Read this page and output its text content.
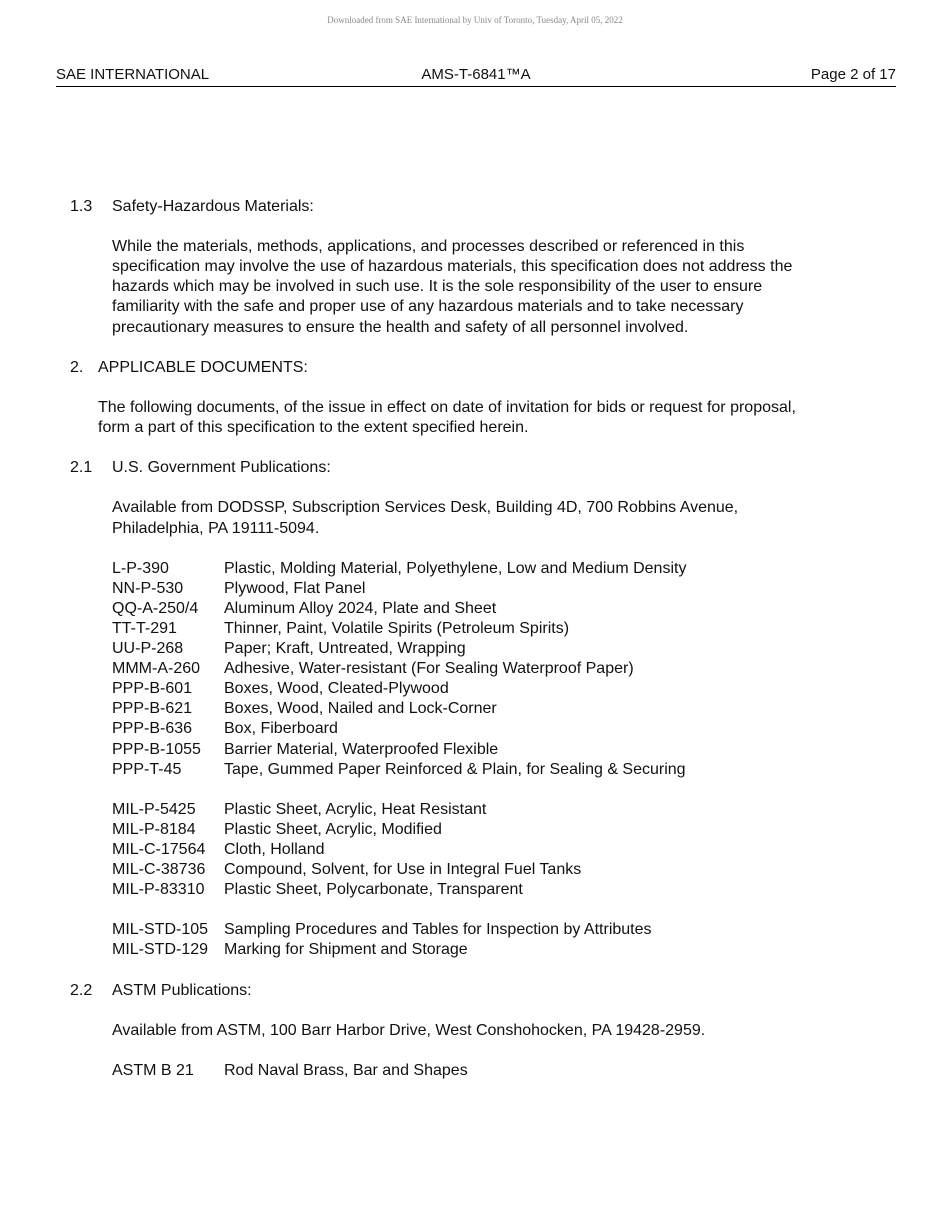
Downloaded from SAE International by Univ of Toronto, Tuesday, April 05, 2022
SAE INTERNATIONAL	AMS-T-6841™A	Page 2 of 17
1.3 Safety-Hazardous Materials:
While the materials, methods, applications, and processes described or referenced in this
specification may involve the use of hazardous materials, this specification does not address the
hazards which may be involved in such use. It is the sole responsibility of the user to ensure
familiarity with the safe and proper use of any hazardous materials and to take necessary
precautionary measures to ensure the health and safety of all personnel involved.
2. APPLICABLE DOCUMENTS:
The following documents, of the issue in effect on date of invitation for bids or request for proposal,
form a part of this specification to the extent specified herein.
2.1 U.S. Government Publications:
Available from DODSSP, Subscription Services Desk, Building 4D, 700 Robbins Avenue,
Philadelphia, PA 19111-5094.
L-P-390	Plastic, Molding Material, Polyethylene, Low and Medium Density
NN-P-530	Plywood, Flat Panel
QQ-A-250/4 Aluminum Alloy 2024, Plate and Sheet
TT-T-291	Thinner, Paint, Volatile Spirits (Petroleum Spirits)
UU-P-268	Paper; Kraft, Untreated, Wrapping
MMM-A-260 Adhesive, Water-resistant (For Sealing Waterproof Paper)
PPP-B-601 Boxes, Wood, Cleated-Plywood
PPP-B-621 Boxes, Wood, Nailed and Lock-Corner
PPP-B-636 Box, Fiberboard
PPP-B-1055 Barrier Material, Waterproofed Flexible
PPP-T-45	Tape, Gummed Paper Reinforced & Plain, for Sealing & Securing
MIL-P-5425 Plastic Sheet, Acrylic, Heat Resistant
MIL-P-8184 Plastic Sheet, Acrylic, Modified
MIL-C-17564 Cloth, Holland
MIL-C-38736 Compound, Solvent, for Use in Integral Fuel Tanks
MIL-P-83310 Plastic Sheet, Polycarbonate, Transparent
MIL-STD-105 Sampling Procedures and Tables for Inspection by Attributes
MIL-STD-129 Marking for Shipment and Storage
2.2 ASTM Publications:
Available from ASTM, 100 Barr Harbor Drive, West Conshohocken, PA 19428-2959.
ASTM B 21 Rod Naval Brass, Bar and Shapes
